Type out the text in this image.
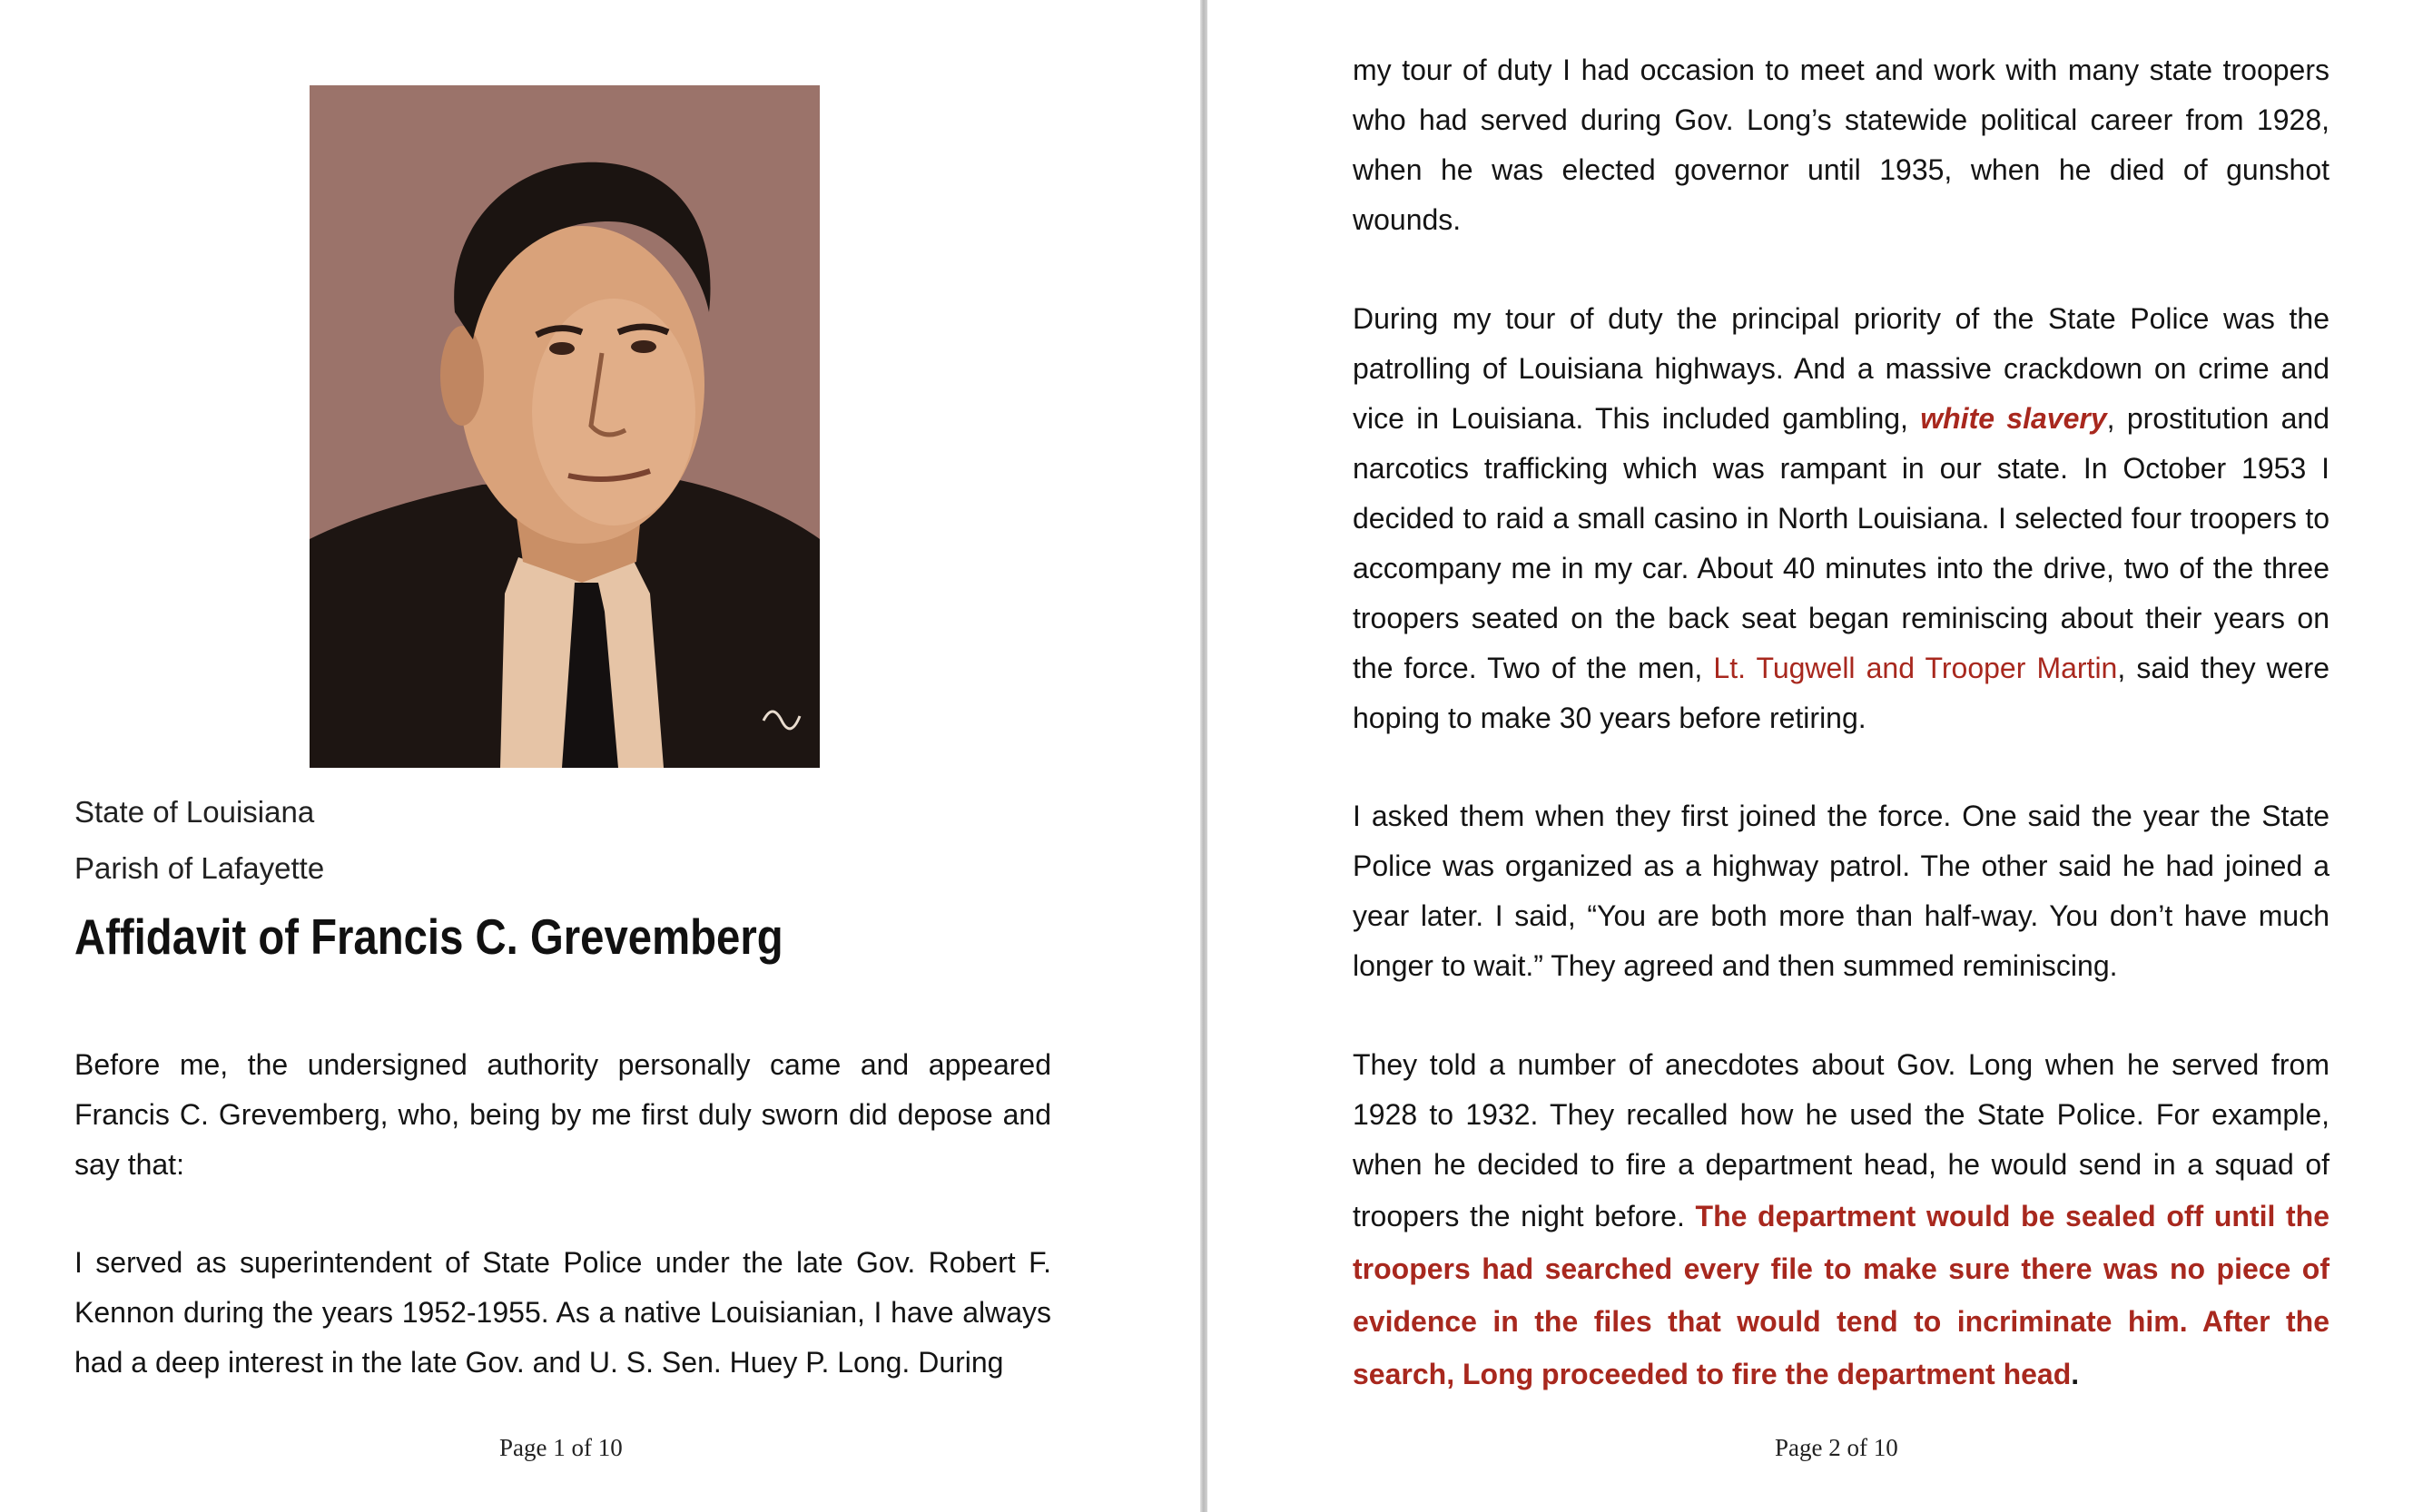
State of Louisiana
Parish of Lafayette
Affidavit of Francis C. Grevemberg

Before me, the undersigned authority personally came and appeared Francis C. Grevemberg, who, being by me first duly sworn did depose and say that:

I served as superintendent of State Police under the late Gov. Robert F. Kennon during the years 1952-1955. As a native Louisianian, I have always had a deep interest in the late Gov. and U. S. Sen. Huey P. Long. During

Page 1 of 10

my tour of duty I had occasion to meet and work with many state troopers who had served during Gov. Long’s statewide political career from 1928, when he was elected governor until 1935, when he died of gunshot wounds.

During my tour of duty the principal priority of the State Police was the patrolling of Louisiana highways. And a massive crackdown on crime and vice in Louisiana. This included gambling, white slavery, prostitution and narcotics trafficking which was rampant in our state. In October 1953 I decided to raid a small casino in North Louisiana. I selected four troopers to accompany me in my car. About 40 minutes into the drive, two of the three troopers seated on the back seat began reminiscing about their years on the force. Two of the men, Lt. Tugwell and Trooper Martin, said they were hoping to make 30 years before retiring.

I asked them when they first joined the force. One said the year the State Police was organized as a highway patrol. The other said he had joined a year later. I said, “You are both more than half-way. You don’t have much longer to wait.” They agreed and then summed reminiscing.

They told a number of anecdotes about Gov. Long when he served from 1928 to 1932. They recalled how he used the State Police. For example, when he decided to fire a department head, he would send in a squad of troopers the night before. The department would be sealed off until the troopers had searched every file to make sure there was no piece of evidence in the files that would tend to incriminate him. After the search, Long proceeded to fire the department head.

Page 2 of 10
